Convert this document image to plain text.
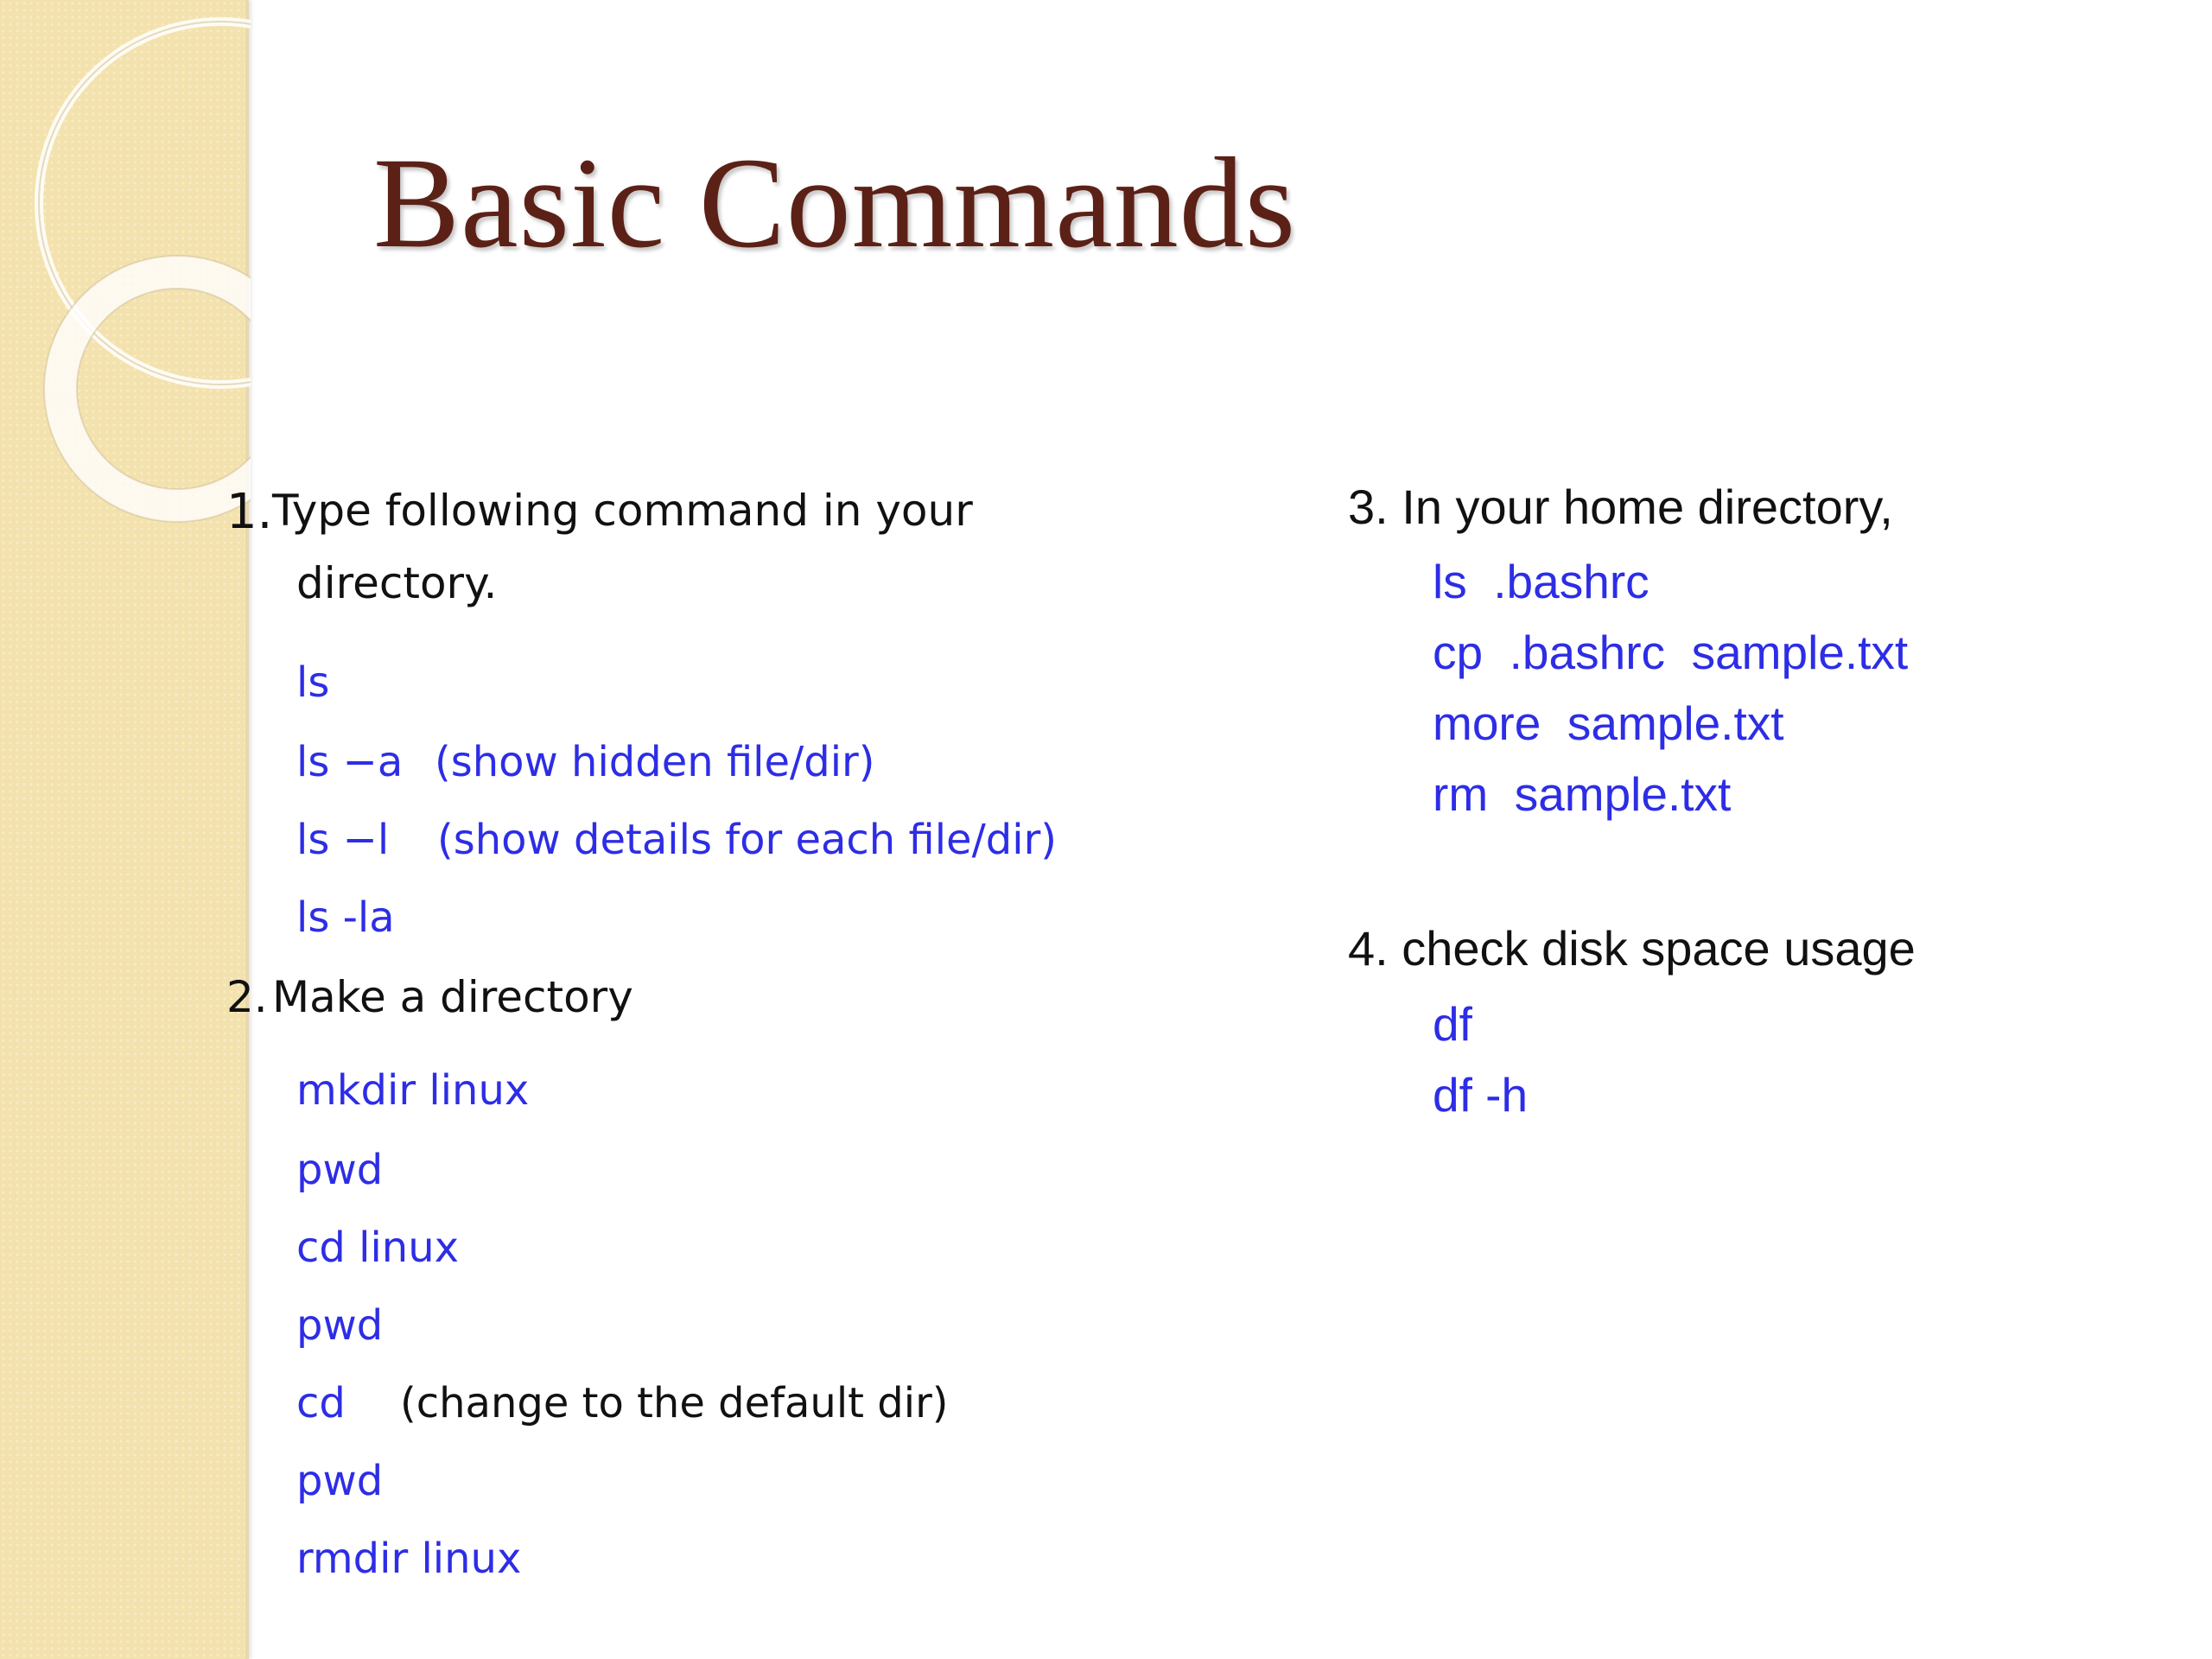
Basic Commands
1. Type following command in your
directory.
ls
ls −a (show hidden file/dir)
ls −l (show details for each file/dir)
ls -la
2. Make a directory
mkdir linux
pwd
cd linux
pwd
cd (change to the default dir)
pwd
rmdir linux
3. In your home directory,
ls  .bashrc
cp  .bashrc  sample.txt
more  sample.txt
rm  sample.txt
4. check disk space usage
df
df -h
